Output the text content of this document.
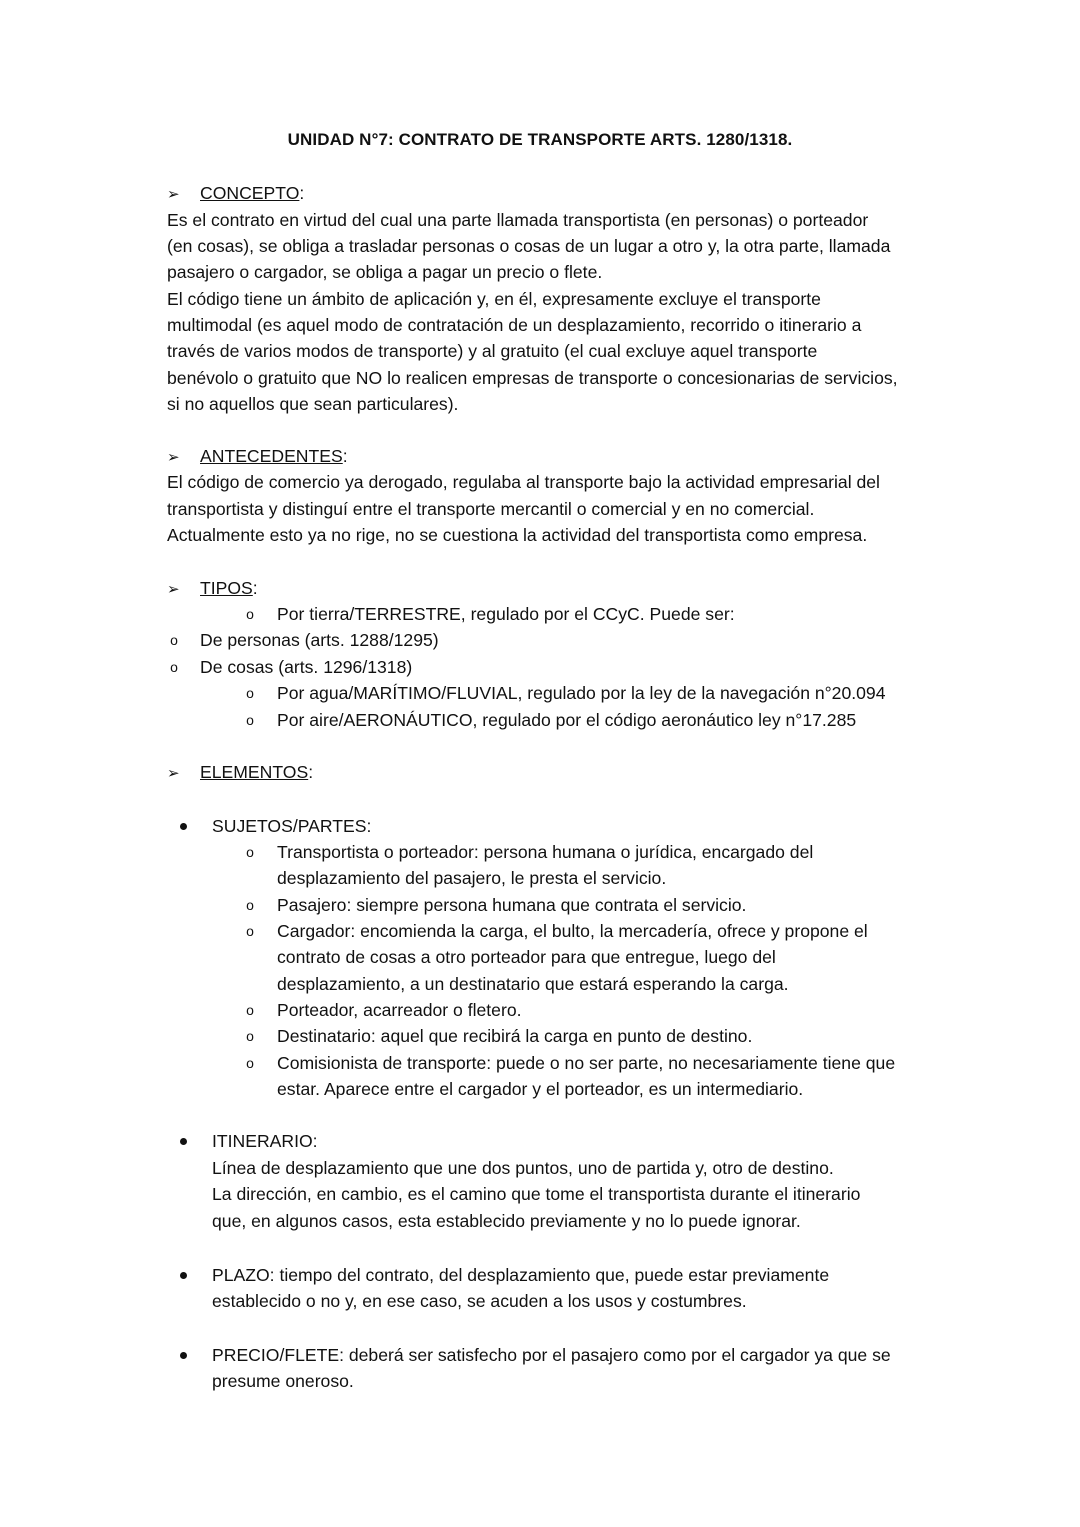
UNIDAD N°7: CONTRATO DE TRANSPORTE ARTS. 1280/1318.
➢ CONCEPTO:
Es el contrato en virtud del cual una parte llamada transportista (en personas) o porteador
(en cosas), se obliga a trasladar personas o cosas de un lugar a otro y, la otra parte, llamada
pasajero o cargador, se obliga a pagar un precio o flete.
El código tiene un ámbito de aplicación y, en él, expresamente excluye el transporte
multimodal (es aquel modo de contratación de un desplazamiento, recorrido o itinerario a
través de varios modos de transporte) y al gratuito (el cual excluye aquel transporte
benévolo o gratuito que NO lo realicen empresas de transporte o concesionarias de servicios,
si no aquellos que sean particulares).
➢ ANTECEDENTES:
El código de comercio ya derogado, regulaba al transporte bajo la actividad empresarial del
transportista y distinguí entre el transporte mercantil o comercial y en no comercial.
Actualmente esto ya no rige, no se cuestiona la actividad del transportista como empresa.
➢ TIPOS:
o Por tierra/TERRESTRE, regulado por el CCyC. Puede ser:
o De personas (arts. 1288/1295)
o De cosas (arts. 1296/1318)
o Por agua/MARÍTIMO/FLUVIAL, regulado por la ley de la navegación n°20.094
o Por aire/AERONÁUTICO, regulado por el código aeronáutico ley n°17.285
➢ ELEMENTOS:
SUJETOS/PARTES:
o Transportista o porteador: persona humana o jurídica, encargado del
desplazamiento del pasajero, le presta el servicio.
o Pasajero: siempre persona humana que contrata el servicio.
o Cargador: encomienda la carga, el bulto, la mercadería, ofrece y propone el
contrato de cosas a otro porteador para que entregue, luego del
desplazamiento, a un destinatario que estará esperando la carga.
o Porteador, acarreador o fletero.
o Destinatario: aquel que recibirá la carga en punto de destino.
o Comisionista de transporte: puede o no ser parte, no necesariamente tiene que
estar. Aparece entre el cargador y el porteador, es un intermediario.
ITINERARIO:
Línea de desplazamiento que une dos puntos, uno de partida y, otro de destino.
La dirección, en cambio, es el camino que tome el transportista durante el itinerario
que, en algunos casos, esta establecido previamente y no lo puede ignorar.
PLAZO: tiempo del contrato, del desplazamiento que, puede estar previamente
establecido o no y, en ese caso, se acuden a los usos y costumbres.
PRECIO/FLETE: deberá ser satisfecho por el pasajero como por el cargador ya que se
presume oneroso.
